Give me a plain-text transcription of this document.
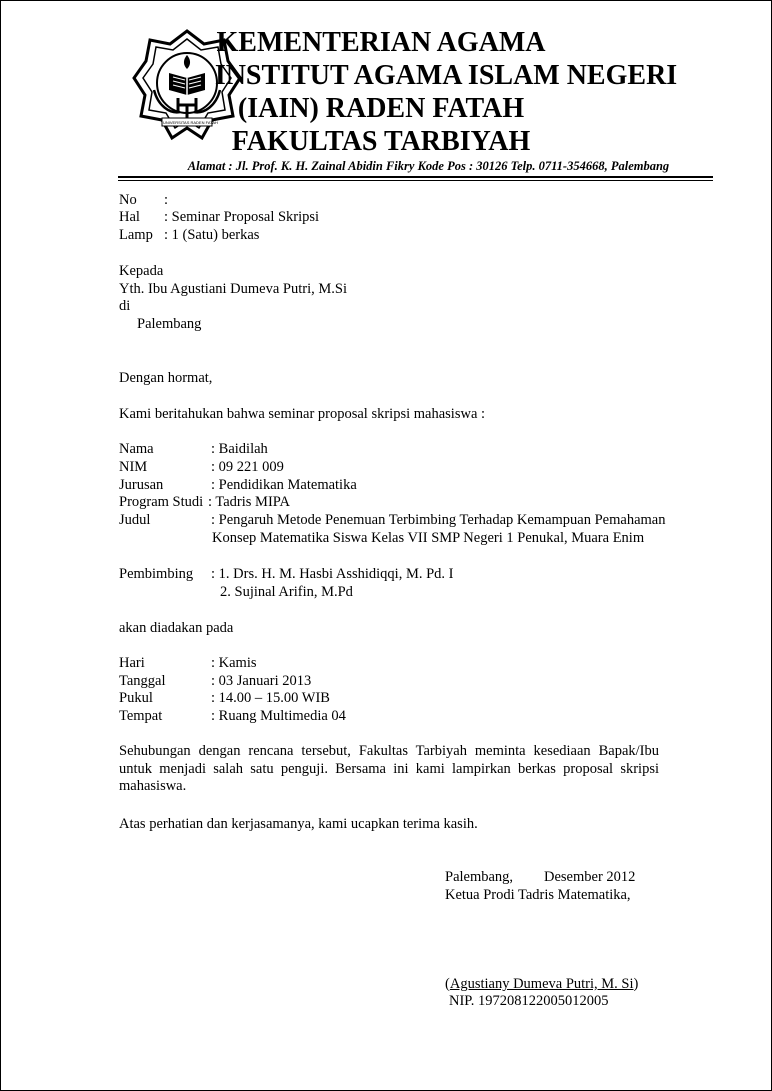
UNIVERSITAS RADEN FATAH
KEMENTERIAN AGAMA
INSTITUT AGAMA ISLAM NEGERI
(IAIN) RADEN FATAH
FAKULTAS TARBIYAH
Alamat : Jl. Prof. K. H. Zainal Abidin Fikry Kode Pos : 30126 Telp. 0711-354668, Palembang
No :
Hal : Seminar Proposal Skripsi
Lamp : 1 (Satu) berkas
Kepada
Yth. Ibu Agustiani Dumeva Putri, M.Si
di
Palembang
Dengan hormat,
Kami beritahukan bahwa seminar proposal skripsi mahasiswa :
Nama	: Baidilah
NIM	: 09 221 009
Jurusan	: Pendidikan Matematika
Program Studi : Tadris MIPA
Judul	: Pengaruh Metode Penemuan Terbimbing Terhadap Kemampuan Pemahaman
Konsep Matematika Siswa Kelas VII SMP Negeri 1 Penukal, Muara Enim
Pembimbing : 1. Drs. H. M. Hasbi Asshidiqqi, M. Pd. I
2. Sujinal Arifin, M.Pd
akan diadakan pada
Hari	: Kamis
Tanggal	: 03 Januari 2013
Pukul	: 14.00 – 15.00 WIB
Tempat	: Ruang Multimedia 04
Sehubungan dengan rencana tersebut, Fakultas Tarbiyah meminta kesediaan Bapak/Ibu untuk menjadi salah satu penguji. Bersama ini kami lampirkan berkas proposal skripsi mahasiswa.
Atas perhatian dan kerjasamanya, kami ucapkan terima kasih.
Palembang, Desember 2012
Ketua Prodi Tadris Matematika,
(Agustiany Dumeva Putri, M. Si)
NIP. 197208122005012005
